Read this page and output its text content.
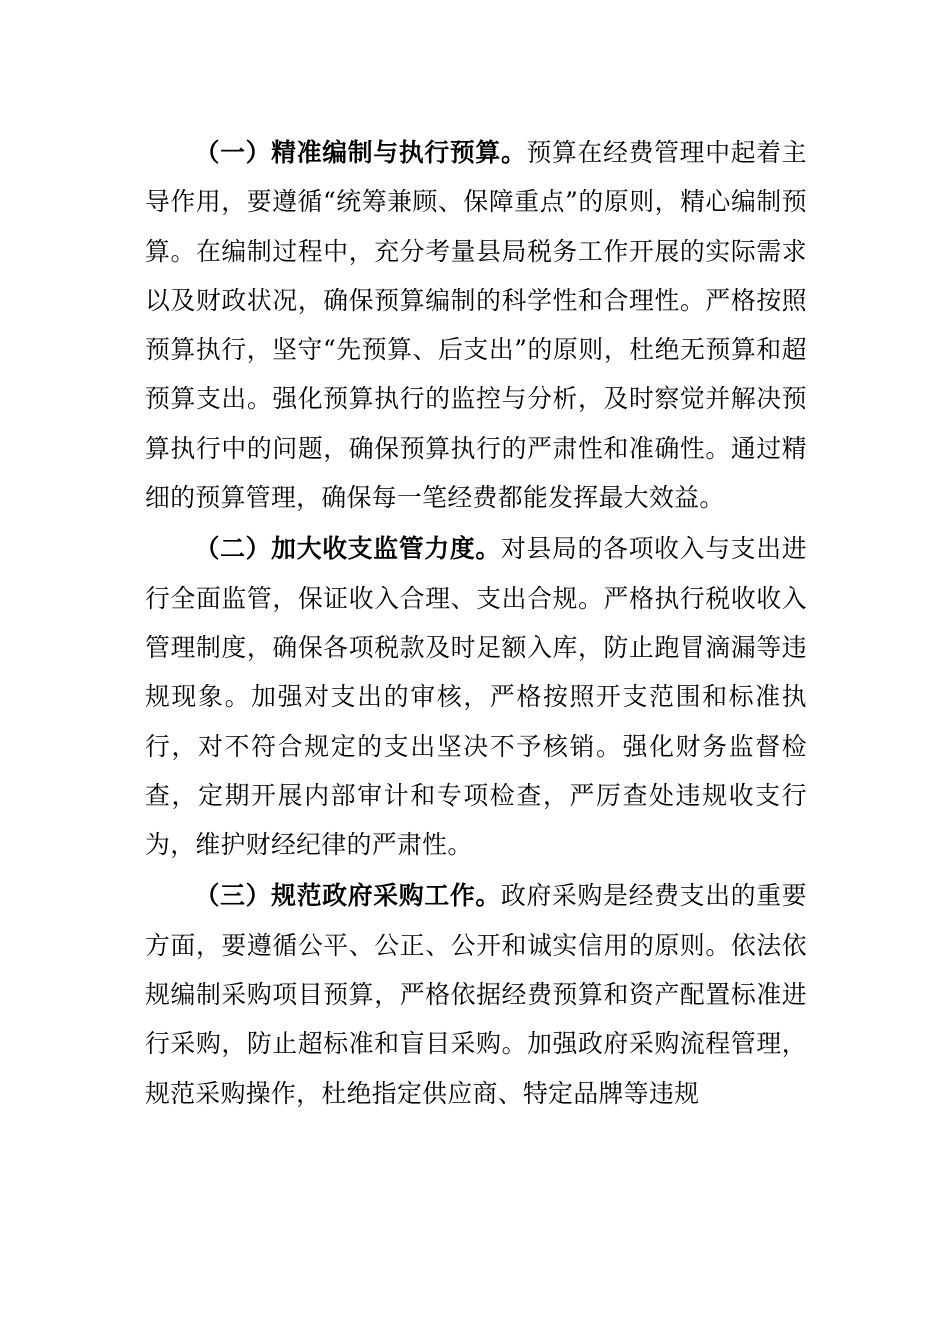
（一）精准编制与执行预算。预算在经费管理中起着主导作用，要遵循“统筹兼顾、保障重点”的原则，精心编制预算。在编制过程中，充分考量县局税务工作开展的实际需求以及财政状况，确保预算编制的科学性和合理性。严格按照预算执行，坚守“先预算、后支出”的原则，杜绝无预算和超预算支出。强化预算执行的监控与分析，及时察觉并解决预算执行中的问题，确保预算执行的严肃性和准确性。通过精细的预算管理，确保每一笔经费都能发挥最大效益。

（二）加大收支监管力度。对县局的各项收入与支出进行全面监管，保证收入合理、支出合规。严格执行税收收入管理制度，确保各项税款及时足额入库，防止跑冒滴漏等违规现象。加强对支出的审核，严格按照开支范围和标准执行，对不符合规定的支出坚决不予核销。强化财务监督检查，定期开展内部审计和专项检查，严厉查处违规收支行为，维护财经纪律的严肃性。

（三）规范政府采购工作。政府采购是经费支出的重要方面，要遵循公平、公正、公开和诚实信用的原则。依法依规编制采购项目预算，严格依据经费预算和资产配置标准进行采购，防止超标准和盲目采购。加强政府采购流程管理，规范采购操作，杜绝指定供应商、特定品牌等违规
